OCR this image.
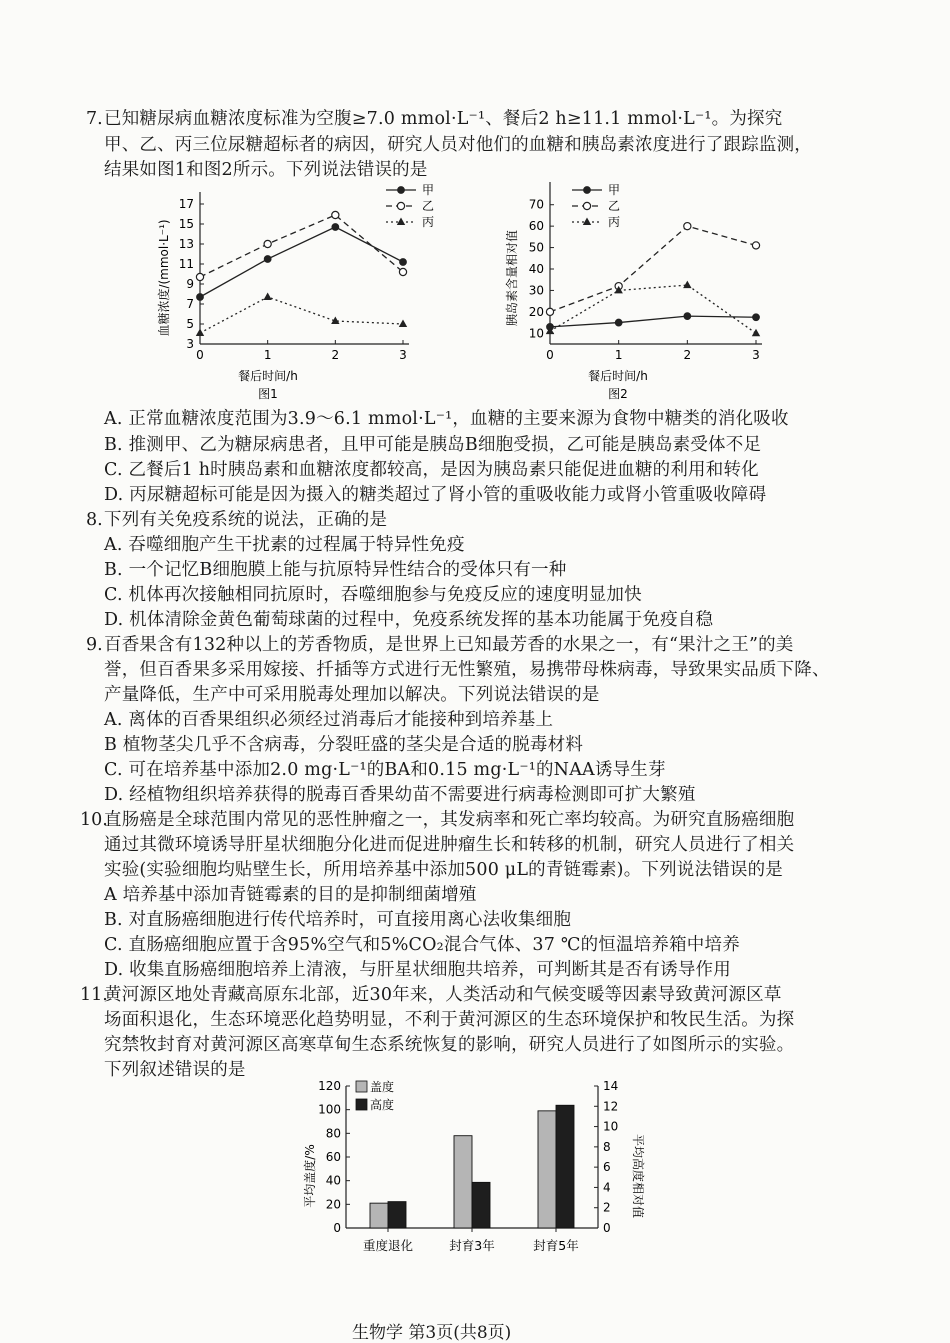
7. 已知糖尿病血糖浓度标准为空腹≥7.0 mmol·L⁻¹、餐后2 h≥11.1 mmol·L⁻¹。为探究
甲、乙、丙三位尿糖超标者的病因，研究人员对他们的血糖和胰岛素浓度进行了跟踪监测，
结果如图1和图2所示。下列说法错误的是
血糖浓度/(mmol·L⁻¹)
餐后时间/h
图1
0	1	2	3
3
5
7
9
11
13
15
17
甲
乙
丙
胰岛素含量相对值
餐后时间/h
图2
0	1	2	3
10
20
30
40
50
60
70
甲
乙
丙
A. 正常血糖浓度范围为3.9～6.1 mmol·L⁻¹，血糖的主要来源为食物中糖类的消化吸收
B. 推测甲、乙为糖尿病患者，且甲可能是胰岛B细胞受损，乙可能是胰岛素受体不足
C. 乙餐后1 h时胰岛素和血糖浓度都较高，是因为胰岛素只能促进血糖的利用和转化
D. 丙尿糖超标可能是因为摄入的糖类超过了肾小管的重吸收能力或肾小管重吸收障碍
8. 下列有关免疫系统的说法，正确的是
A. 吞噬细胞产生干扰素的过程属于特异性免疫
B. 一个记忆B细胞膜上能与抗原特异性结合的受体只有一种
C. 机体再次接触相同抗原时，吞噬细胞参与免疫反应的速度明显加快
D. 机体清除金黄色葡萄球菌的过程中，免疫系统发挥的基本功能属于免疫自稳
9. 百香果含有132种以上的芳香物质，是世界上已知最芳香的水果之一，有“果汁之王”的美
誉，但百香果多采用嫁接、扦插等方式进行无性繁殖，易携带母株病毒，导致果实品质下降、
产量降低，生产中可采用脱毒处理加以解决。下列说法错误的是
A. 离体的百香果组织必须经过消毒后才能接种到培养基上
B 植物茎尖几乎不含病毒，分裂旺盛的茎尖是合适的脱毒材料
C. 可在培养基中添加2.0 mg·L⁻¹的BA和0.15 mg·L⁻¹的NAA诱导生芽
D. 经植物组织培养获得的脱毒百香果幼苗不需要进行病毒检测即可扩大繁殖
10.
直肠癌是全球范围内常见的恶性肿瘤之一，其发病率和死亡率均较高。为研究直肠癌细胞
通过其微环境诱导肝星状细胞分化进而促进肿瘤生长和转移的机制，研究人员进行了相关
实验(实验细胞均贴壁生长，所用培养基中添加500 μL的青链霉素)。下列说法错误的是
A 培养基中添加青链霉素的目的是抑制细菌增殖
B. 对直肠癌细胞进行传代培养时，可直接用离心法收集细胞
C. 直肠癌细胞应置于含95%空气和5%CO₂混合气体、37 ℃的恒温培养箱中培养
D. 收集直肠癌细胞培养上清液，与肝星状细胞共培养，可判断其是否有诱导作用
11.
黄河源区地处青藏高原东北部，近30年来，人类活动和气候变暖等因素导致黄河源区草
场面积退化，生态环境恶化趋势明显，不利于黄河源区的生态环境保护和牧民生活。为探
究禁牧封育对黄河源区高寒草甸生态系统恢复的影响，研究人员进行了如图所示的实验。
下列叙述错误的是
平均盖度/%	平均高度相对值
0
20
40
60
80
100
120
0
2
4
6
8
10
12
14
重度退化	封育3年	封育5年
盖度
高度
生物学 第3页(共8页)
